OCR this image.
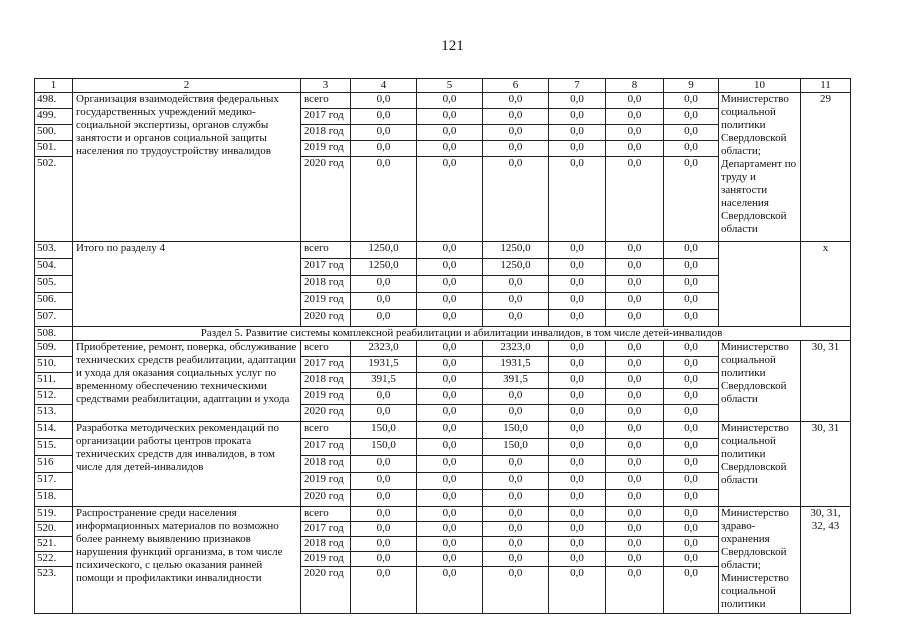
121
1	2	3	4	5	6	7	8	9	10	11
498.	Организация взаимодействия федеральных государственных учреждений медико-социальной экспертизы, органов службы занятости и органов социальной защиты населения по трудоустройству инвалидов	всего	0,0	0,0	0,0	0,0	0,0	0,0	Министерство социальной политики Свердловской области; Департамент по труду и занятости населения Свердловской области	29
499.		2017 год	0,0	0,0	0,0	0,0	0,0	0,0		
500.		2018 год	0,0	0,0	0,0	0,0	0,0	0,0		
501.		2019 год	0,0	0,0	0,0	0,0	0,0	0,0		
502.		2020 год	0,0	0,0	0,0	0,0	0,0	0,0		
503.	Итого по разделу 4	всего	1250,0	0,0	1250,0	0,0	0,0	0,0		x
504.		2017 год	1250,0	0,0	1250,0	0,0	0,0	0,0		
505.		2018 год	0,0	0,0	0,0	0,0	0,0	0,0		
506.		2019 год	0,0	0,0	0,0	0,0	0,0	0,0		
507.		2020 год	0,0	0,0	0,0	0,0	0,0	0,0		
508.	Раздел 5. Развитие системы комплексной реабилитации и абилитации инвалидов, в том числе детей-инвалидов									
509.	Приобретение, ремонт, поверка, обслуживание технических средств реабилитации, адаптации и ухода для оказания социальных услуг по временному обеспечению техническими средствами реабилитации, адаптации и ухода	всего	2323,0	0,0	2323,0	0,0	0,0	0,0	Министерство социальной политики Свердловской области	30, 31
510.		2017 год	1931,5	0,0	1931,5	0,0	0,0	0,0		
511.		2018 год	391,5	0,0	391,5	0,0	0,0	0,0		
512.		2019 год	0,0	0,0	0,0	0,0	0,0	0,0		
513.		2020 год	0,0	0,0	0,0	0,0	0,0	0,0		
514.	Разработка методических рекомендаций по организации работы центров проката технических средств для инвалидов, в том числе для детей-инвалидов	всего	150,0	0,0	150,0	0,0	0,0	0,0	Министерство социальной политики Свердловской области	30, 31
515.		2017 год	150,0	0,0	150,0	0,0	0,0	0,0		
516		2018 год	0,0	0,0	0,0	0,0	0,0	0,0		
517.		2019 год	0,0	0,0	0,0	0,0	0,0	0,0		
518.		2020 год	0,0	0,0	0,0	0,0	0,0	0,0		
519.	Распространение среди населения информационных материалов по возможно более раннему выявлению признаков нарушения функций организма, в том числе психического, с целью оказания ранней помощи и профилактики инвалидности	всего	0,0	0,0	0,0	0,0	0,0	0,0	Министерство здраво-охранения Свердловской области; Министерство социальной политики	30, 31, 32, 43
520.		2017 год	0,0	0,0	0,0	0,0	0,0	0,0		
521.		2018 год	0,0	0,0	0,0	0,0	0,0	0,0		
522.		2019 год	0,0	0,0	0,0	0,0	0,0	0,0		
523.		2020 год	0,0	0,0	0,0	0,0	0,0	0,0		
